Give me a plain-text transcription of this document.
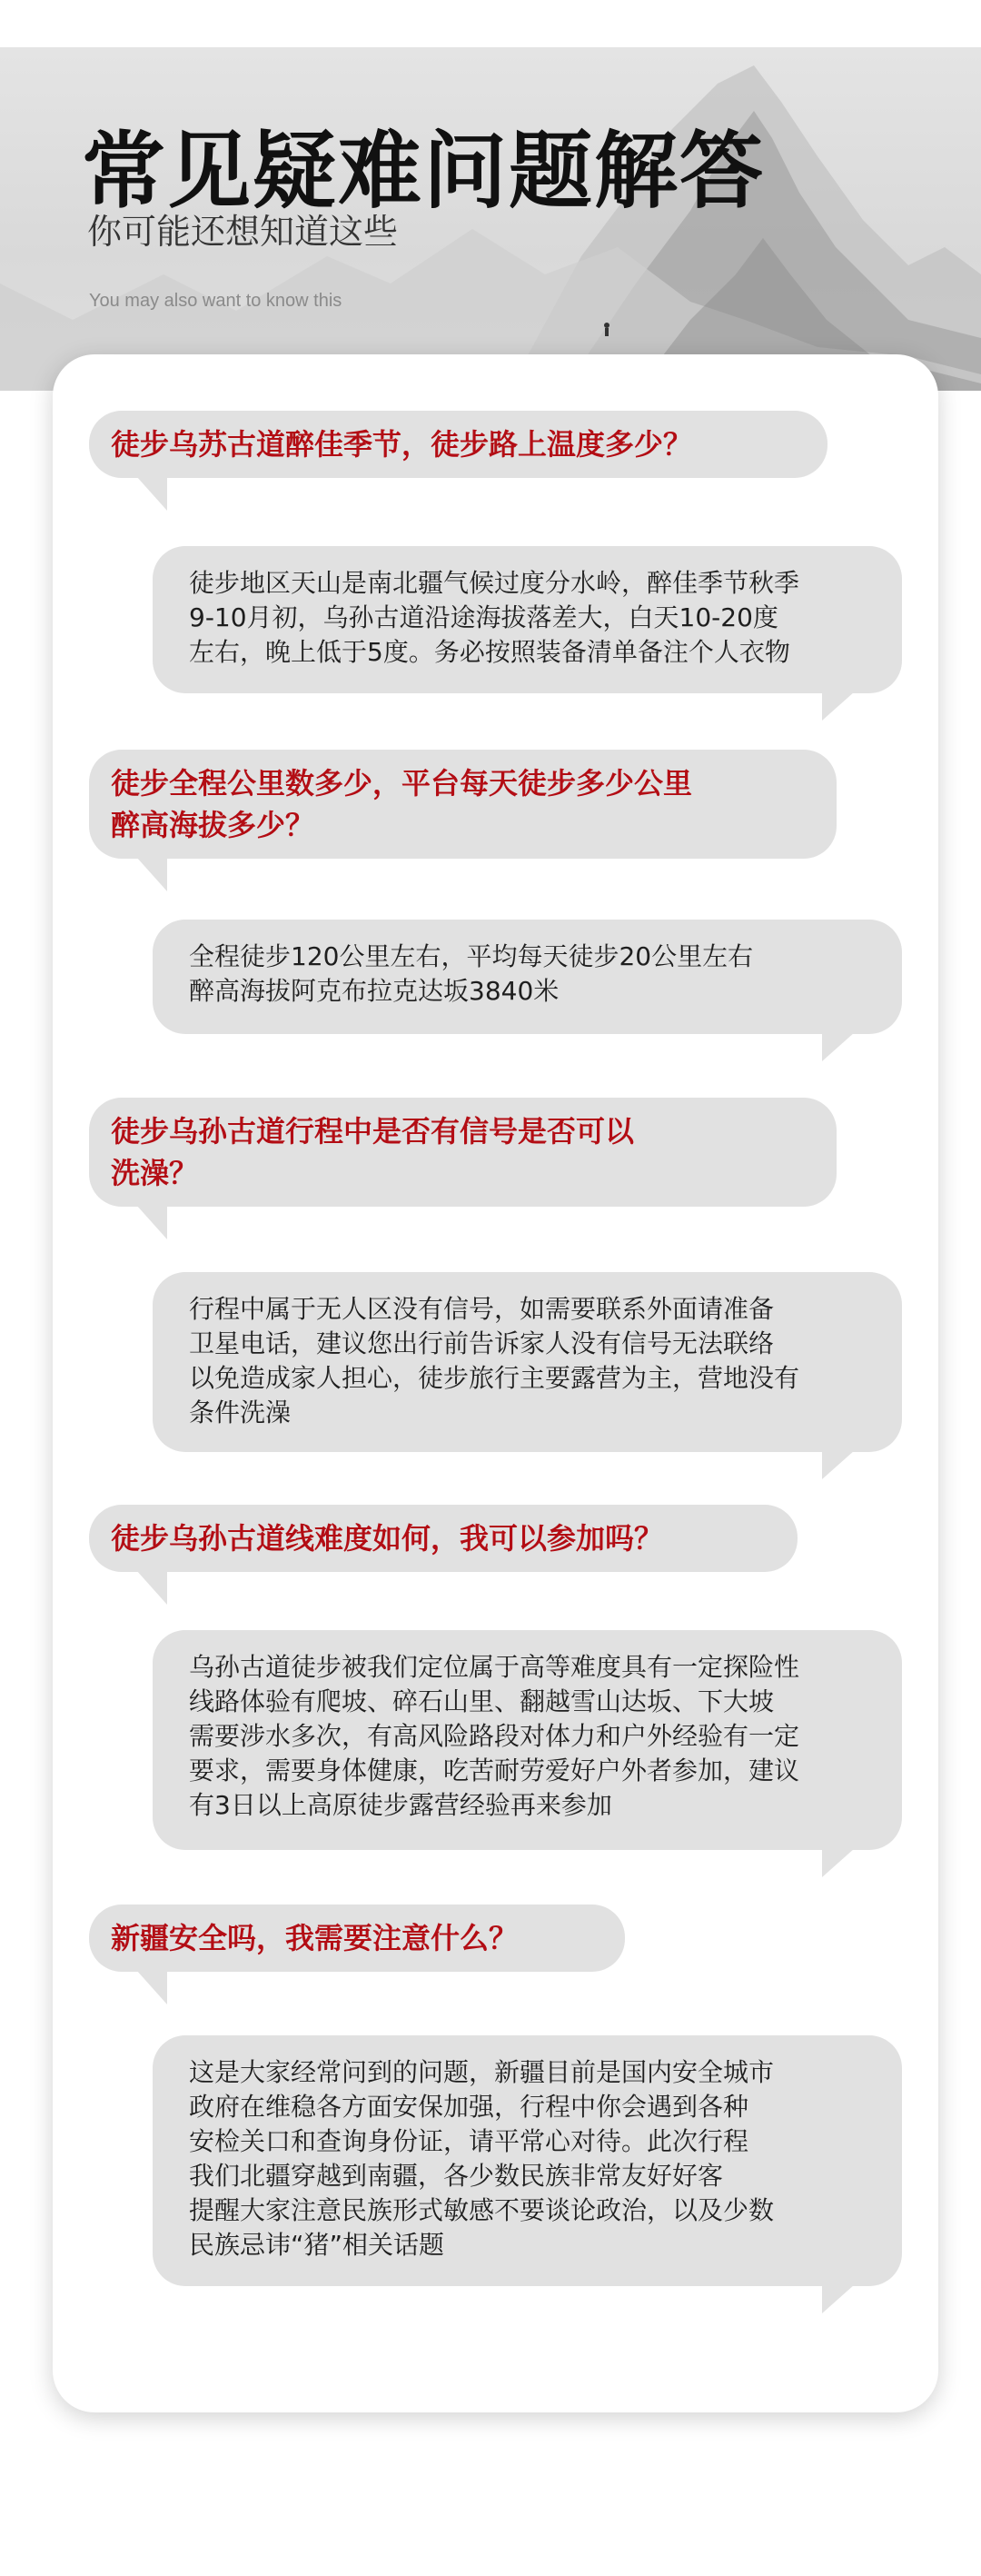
常见疑难问题解答

你可能还想知道这些

You may also want to know this

徒步乌苏古道醉佳季节，徒步路上温度多少？
徒步地区天山是南北疆气候过度分水岭，醉佳季节秋季
9-10月初，乌孙古道沿途海拔落差大，白天10-20度
左右，晚上低于5度。务必按照装备清单备注个人衣物
徒步全程公里数多少，平台每天徒步多少公里
醉高海拔多少？
全程徒步120公里左右，平均每天徒步20公里左右
醉高海拔阿克布拉克达坂3840米
徒步乌孙古道行程中是否有信号是否可以
洗澡？
行程中属于无人区没有信号，如需要联系外面请准备
卫星电话，建议您出行前告诉家人没有信号无法联络
以免造成家人担心，徒步旅行主要露营为主，营地没有
条件洗澡
徒步乌孙古道线难度如何，我可以参加吗？
乌孙古道徒步被我们定位属于高等难度具有一定探险性
线路体验有爬坡、碎石山里、翻越雪山达坂、下大坡
需要涉水多次，有高风险路段对体力和户外经验有一定
要求，需要身体健康，吃苦耐劳爱好户外者参加，建议
有3日以上高原徒步露营经验再来参加
新疆安全吗，我需要注意什么？
这是大家经常问到的问题，新疆目前是国内安全城市
政府在维稳各方面安保加强，行程中你会遇到各种
安检关口和查询身份证，请平常心对待。此次行程
我们北疆穿越到南疆，各少数民族非常友好好客
提醒大家注意民族形式敏感不要谈论政治，以及少数
民族忌讳“猪”相关话题
